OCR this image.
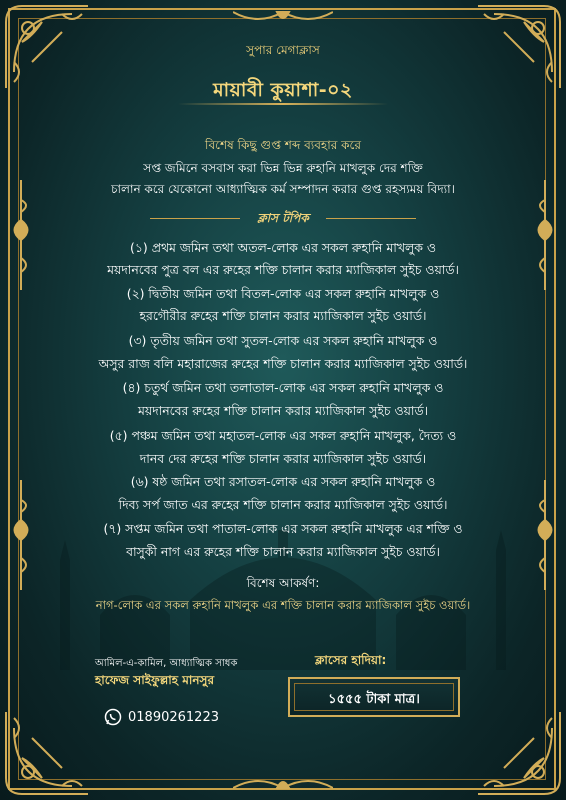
সুপার মেগাক্লাস
মায়াবী কুয়াশা-০২
বিশেষ কিছু গুপ্ত শব্দ ব্যবহার করে
সপ্ত জমিনে বসবাস করা ভিন্ন ভিন্ন রুহানি মাখলুক দের শক্তি
চালান করে যেকোনো আধ্যাত্মিক কর্ম সম্পাদন করার গুপ্ত রহস্যময় বিদ্যা।
ক্লাস টপিক
(১) প্রথম জমিন তথা অতল-লোক এর সকল রুহানি মাখলুক ও
ময়দানবের পুত্র বল এর রুহের শক্তি চালান করার ম্যাজিকাল সুইচ ওয়ার্ড।
(২) দ্বিতীয় জমিন তথা বিতল-লোক এর সকল রুহানি মাখলুক ও
হরগৌরীর রুহের শক্তি চালান করার ম্যাজিকাল সুইচ ওয়ার্ড।
(৩) তৃতীয় জমিন তথা সুতল-লোক এর সকল রুহানি মাখলুক ও
অসুর রাজ বলি মহারাজের রুহের শক্তি চালান করার ম্যাজিকাল সুইচ ওয়ার্ড।
(৪) চতুর্থ জমিন তথা তলাতাল-লোক এর সকল রুহানি মাখলুক ও
ময়দানবের রুহের শক্তি চালান করার ম্যাজিকাল সুইচ ওয়ার্ড।
(৫) পঞ্চম জমিন তথা মহাতল-লোক এর সকল রুহানি মাখলুক, দৈত্য ও
দানব দের রুহের শক্তি চালান করার ম্যাজিকাল সুইচ ওয়ার্ড।
(৬) ষষ্ঠ জমিন তথা রসাতল-লোক এর সকল রুহানি মাখলুক ও
দিব্য সর্প জাত এর রুহের শক্তি চালান করার ম্যাজিকাল সুইচ ওয়ার্ড।
(৭) সপ্তম জমিন তথা পাতাল-লোক এর সকল রুহানি মাখলুক এর শক্তি ও
বাসুকী নাগ এর রুহের শক্তি চালান করার ম্যাজিকাল সুইচ ওয়ার্ড।
বিশেষ আকর্ষণ:
নাগ-লোক এর সকল রুহানি মাখলুক এর শক্তি চালান করার ম্যাজিকাল সুইচ ওয়ার্ড।
আমিল-এ-কামিল, আধ্যাত্মিক সাধক
হাফেজ সাইফুল্লাহ মানসুর
01890261223
ক্লাসের হাদিয়া:
১৫৫৫ টাকা মাত্র।
